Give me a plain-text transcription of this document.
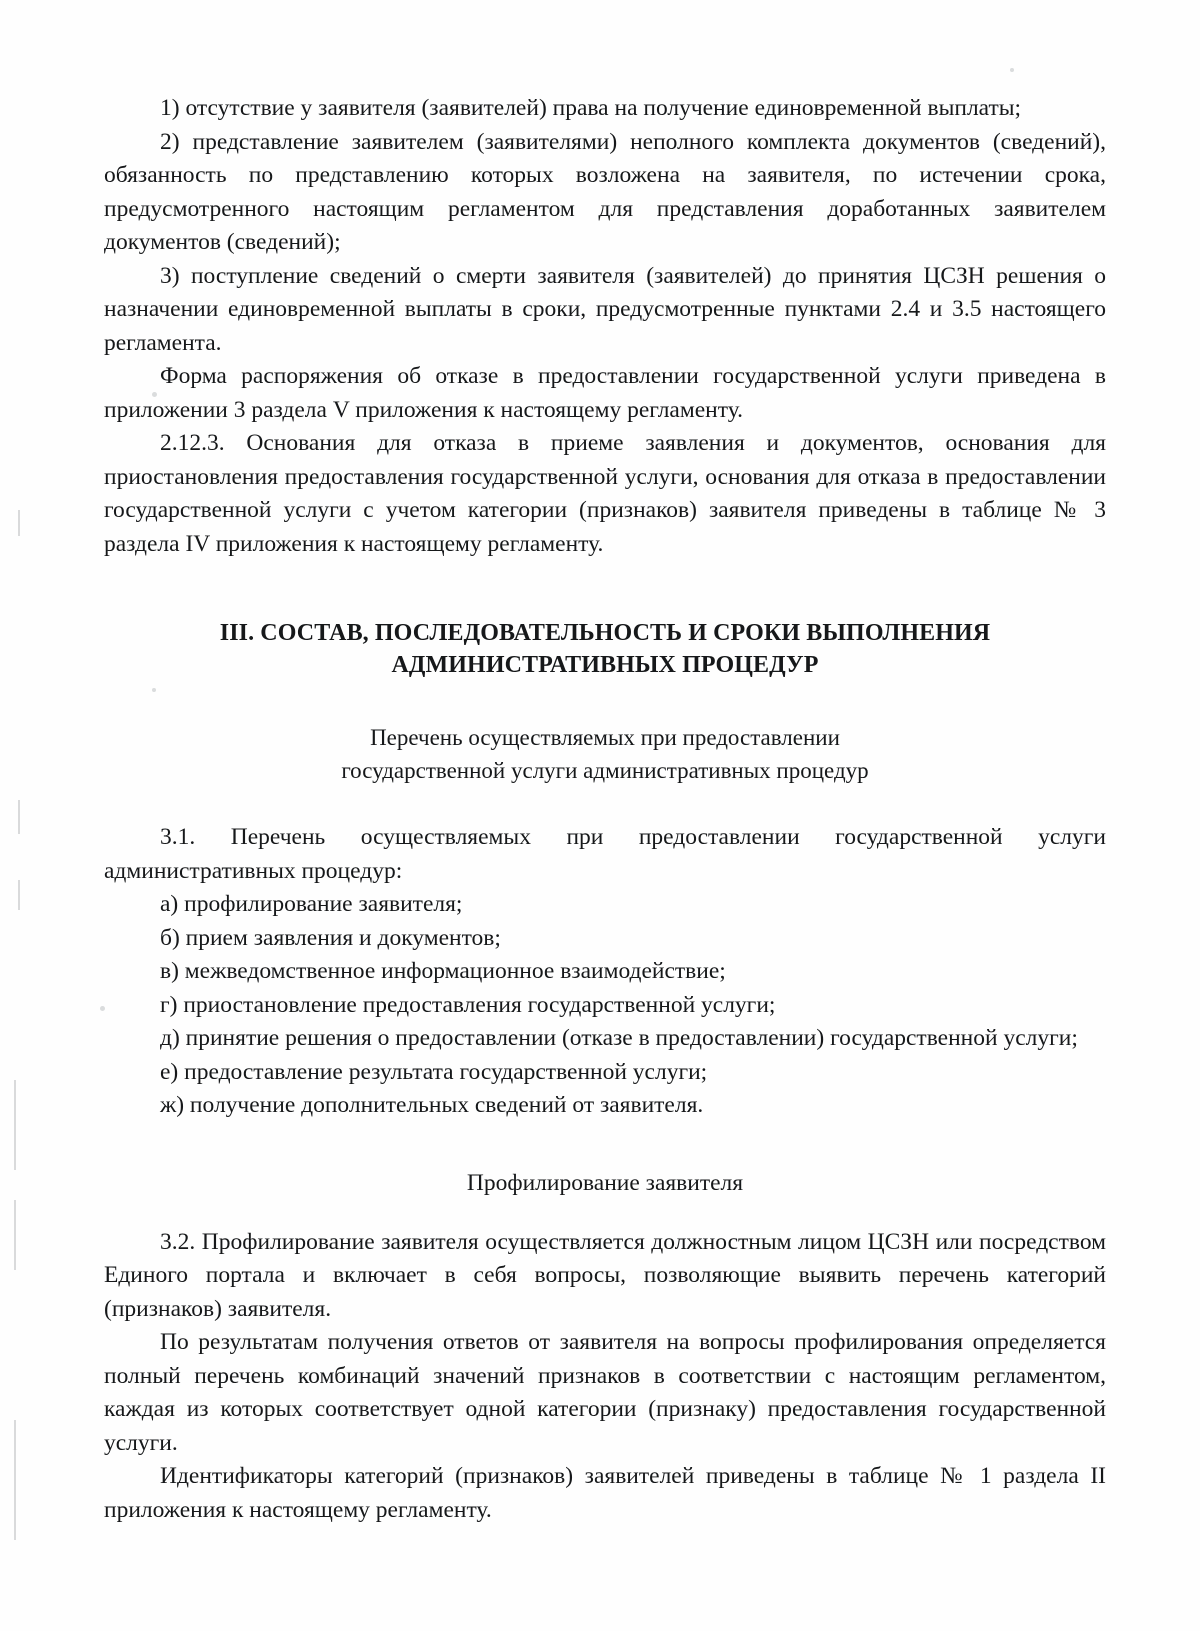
1) отсутствие у заявителя (заявителей) права на получение единовременной выплаты;

2) представление заявителем (заявителями) неполного комплекта документов (сведений), обязанность по представлению которых возложена на заявителя, по истечении срока, предусмотренного настоящим регламентом для представления доработанных заявителем документов (сведений);

3) поступление сведений о смерти заявителя (заявителей) до принятия ЦСЗН решения о назначении единовременной выплаты в сроки, предусмотренные пунктами 2.4 и 3.5 настоящего регламента.

Форма распоряжения об отказе в предоставлении государственной услуги приведена в приложении 3 раздела V приложения к настоящему регламенту.

2.12.3. Основания для отказа в приеме заявления и документов, основания для приостановления предоставления государственной услуги, основания для отказа в предоставлении государственной услуги с учетом категории (признаков) заявителя приведены в таблице № 3 раздела IV приложения к настоящему регламенту.

III. СОСТАВ, ПОСЛЕДОВАТЕЛЬНОСТЬ И СРОКИ ВЫПОЛНЕНИЯ
АДМИНИСТРАТИВНЫХ ПРОЦЕДУР
Перечень осуществляемых при предоставлении
государственной услуги административных процедур

3.1. Перечень осуществляемых при предоставлении государственной услуги административных процедур:

а) профилирование заявителя;

б) прием заявления и документов;

в) межведомственное информационное взаимодействие;

г) приостановление предоставления государственной услуги;

д) принятие решения о предоставлении (отказе в предоставлении) государственной услуги;

е) предоставление результата государственной услуги;

ж) получение дополнительных сведений от заявителя.

Профилирование заявителя

3.2. Профилирование заявителя осуществляется должностным лицом ЦСЗН или посредством Единого портала и включает в себя вопросы, позволяющие выявить перечень категорий (признаков) заявителя.

По результатам получения ответов от заявителя на вопросы профилирования определяется полный перечень комбинаций значений признаков в соответствии с настоящим регламентом, каждая из которых соответствует одной категории (признаку) предоставления государственной услуги.

Идентификаторы категорий (признаков) заявителей приведены в таблице № 1 раздела II приложения к настоящему регламенту.
